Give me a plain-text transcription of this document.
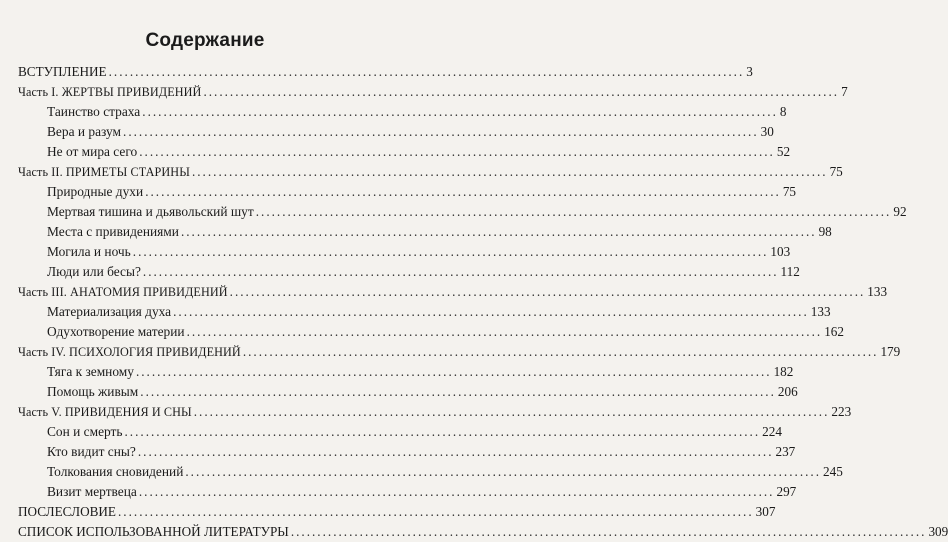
Содержание
ВСТУПЛЕНИЕ ........................................................................................................................ 3
Часть I. ЖЕРТВЫ ПРИВИДЕНИЙ ........................................................................................................................ 7
Таинство страха ........................................................................................................................ 8
Вера и разум ........................................................................................................................ 30
Не от мира сего ........................................................................................................................ 52
Часть II. ПРИМЕТЫ СТАРИНЫ ........................................................................................................................ 75
Природные духи ........................................................................................................................ 75
Мертвая тишина и дьявольский шут ........................................................................................................................ 92
Места с привидениями ........................................................................................................................ 98
Могила и ночь ........................................................................................................................ 103
Люди или бесы? ........................................................................................................................ 112
Часть III. АНАТОМИЯ ПРИВИДЕНИЙ ........................................................................................................................ 133
Материализация духа ........................................................................................................................ 133
Одухотворение материи ........................................................................................................................ 162
Часть IV. ПСИХОЛОГИЯ ПРИВИДЕНИЙ ........................................................................................................................ 179
Тяга к земному ........................................................................................................................ 182
Помощь живым ........................................................................................................................ 206
Часть V. ПРИВИДЕНИЯ И СНЫ ........................................................................................................................ 223
Сон и смерть ........................................................................................................................ 224
Кто видит сны? ........................................................................................................................ 237
Толкования сновидений ........................................................................................................................ 245
Визит мертвеца ........................................................................................................................ 297
ПОСЛЕСЛОВИЕ ........................................................................................................................ 307
СПИСОК ИСПОЛЬЗОВАННОЙ ЛИТЕРАТУРЫ ........................................................................................................................ 309
